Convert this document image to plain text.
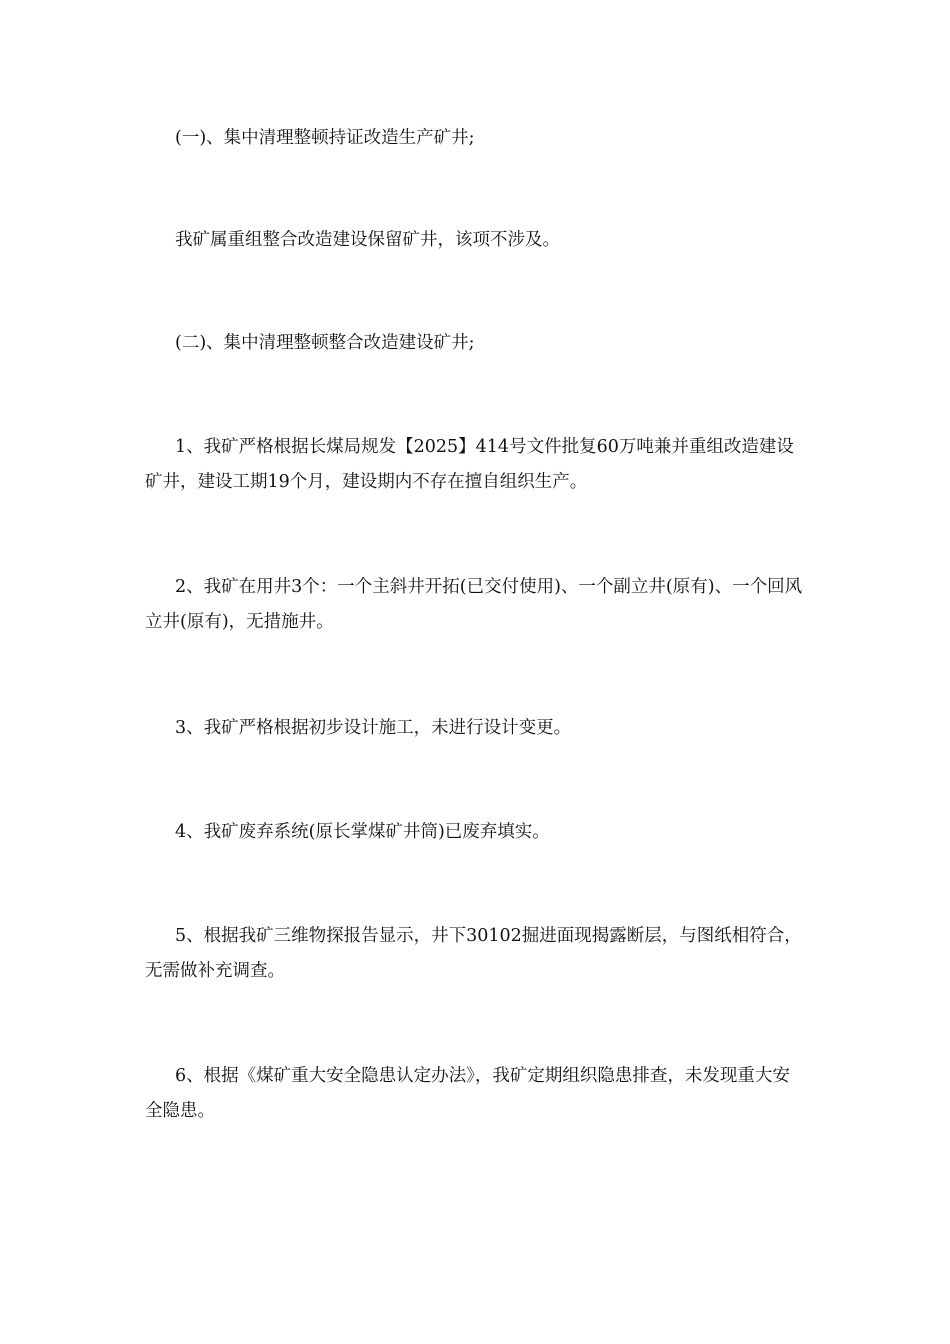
(一)、集中清理整顿持证改造生产矿井;

我矿属重组整合改造建设保留矿井，该项不涉及。

(二)、集中清理整顿整合改造建设矿井;

1、我矿严格根据长煤局规发【2025】414号文件批复60万吨兼并重组改造建设矿井，建设工期19个月，建设期内不存在擅自组织生产。

2、我矿在用井3个：一个主斜井开拓(已交付使用)、一个副立井(原有)、一个回风立井(原有)，无措施井。

3、我矿严格根据初步设计施工，未进行设计变更。

4、我矿废弃系统(原长掌煤矿井筒)已废弃填实。

5、根据我矿三维物探报告显示，井下30102掘进面现揭露断层，与图纸相符合，无需做补充调查。

6、根据《煤矿重大安全隐患认定办法》，我矿定期组织隐患排查，未发现重大安全隐患。
